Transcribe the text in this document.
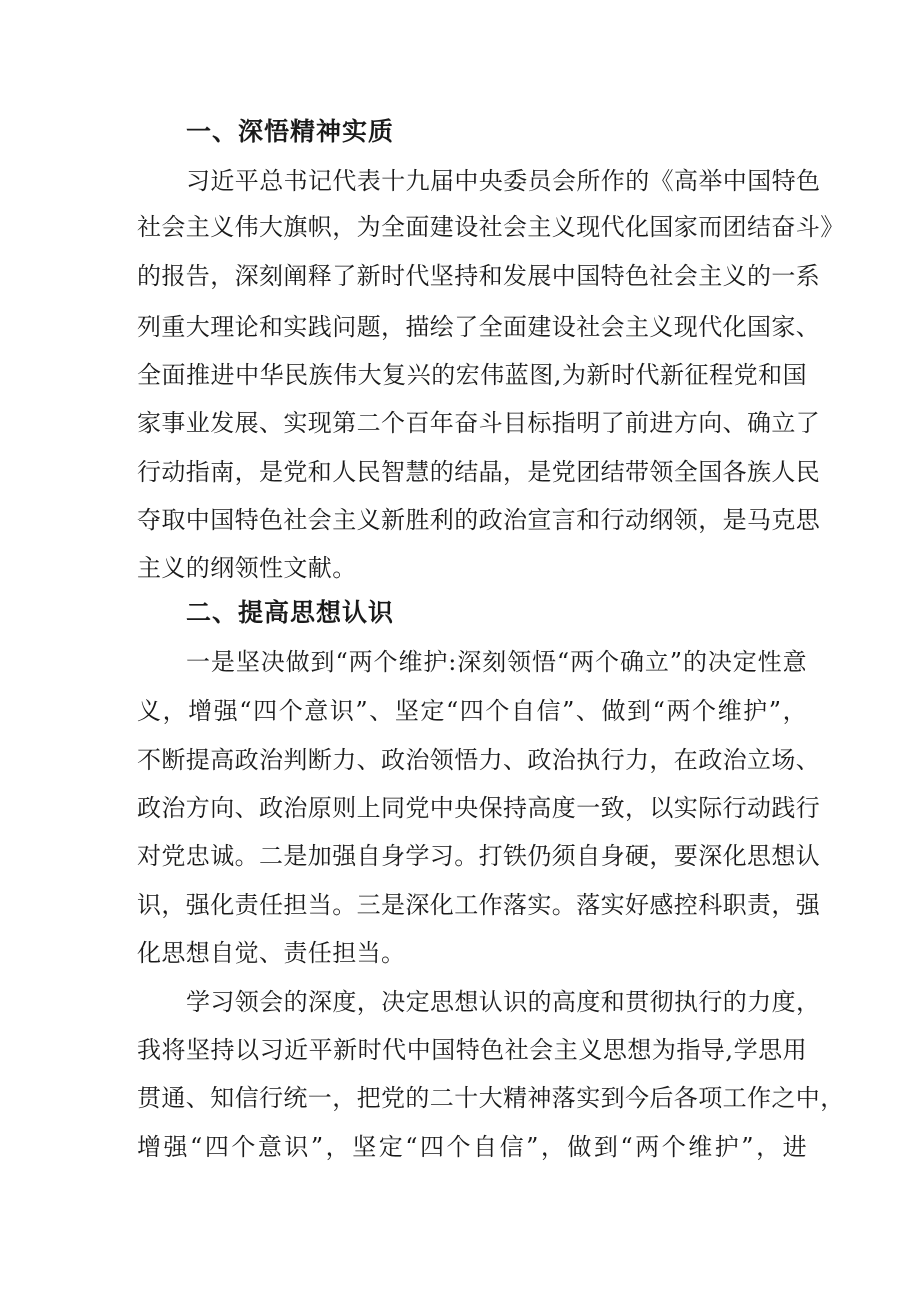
一、深悟精神实质
习近平总书记代表十九届中央委员会所作的《高举中国特色
社会主义伟大旗帜，为全面建设社会主义现代化国家而团结奋斗》
的报告，深刻阐释了新时代坚持和发展中国特色社会主义的一系
列重大理论和实践问题，描绘了全面建设社会主义现代化国家、
全面推进中华民族伟大复兴的宏伟蓝图,为新时代新征程党和国
家事业发展、实现第二个百年奋斗目标指明了前进方向、确立了
行动指南，是党和人民智慧的结晶，是党团结带领全国各族人民
夺取中国特色社会主义新胜利的政治宣言和行动纲领，是马克思
主义的纲领性文献。
二、提高思想认识
一是坚决做到“两个维护:深刻领悟“两个确立”的决定性意
义，增强“四个意识”、坚定“四个自信”、做到“两个维护”，
不断提高政治判断力、政治领悟力、政治执行力，在政治立场、
政治方向、政治原则上同党中央保持高度一致，以实际行动践行
对党忠诚。二是加强自身学习。打铁仍须自身硬，要深化思想认
识，强化责任担当。三是深化工作落实。落实好感控科职责，强
化思想自觉、责任担当。
学习领会的深度，决定思想认识的高度和贯彻执行的力度，
我将坚持以习近平新时代中国特色社会主义思想为指导,学思用
贯通、知信行统一，把党的二十大精神落实到今后各项工作之中，
增强“四个意识”，坚定“四个自信”，做到“两个维护”，进
